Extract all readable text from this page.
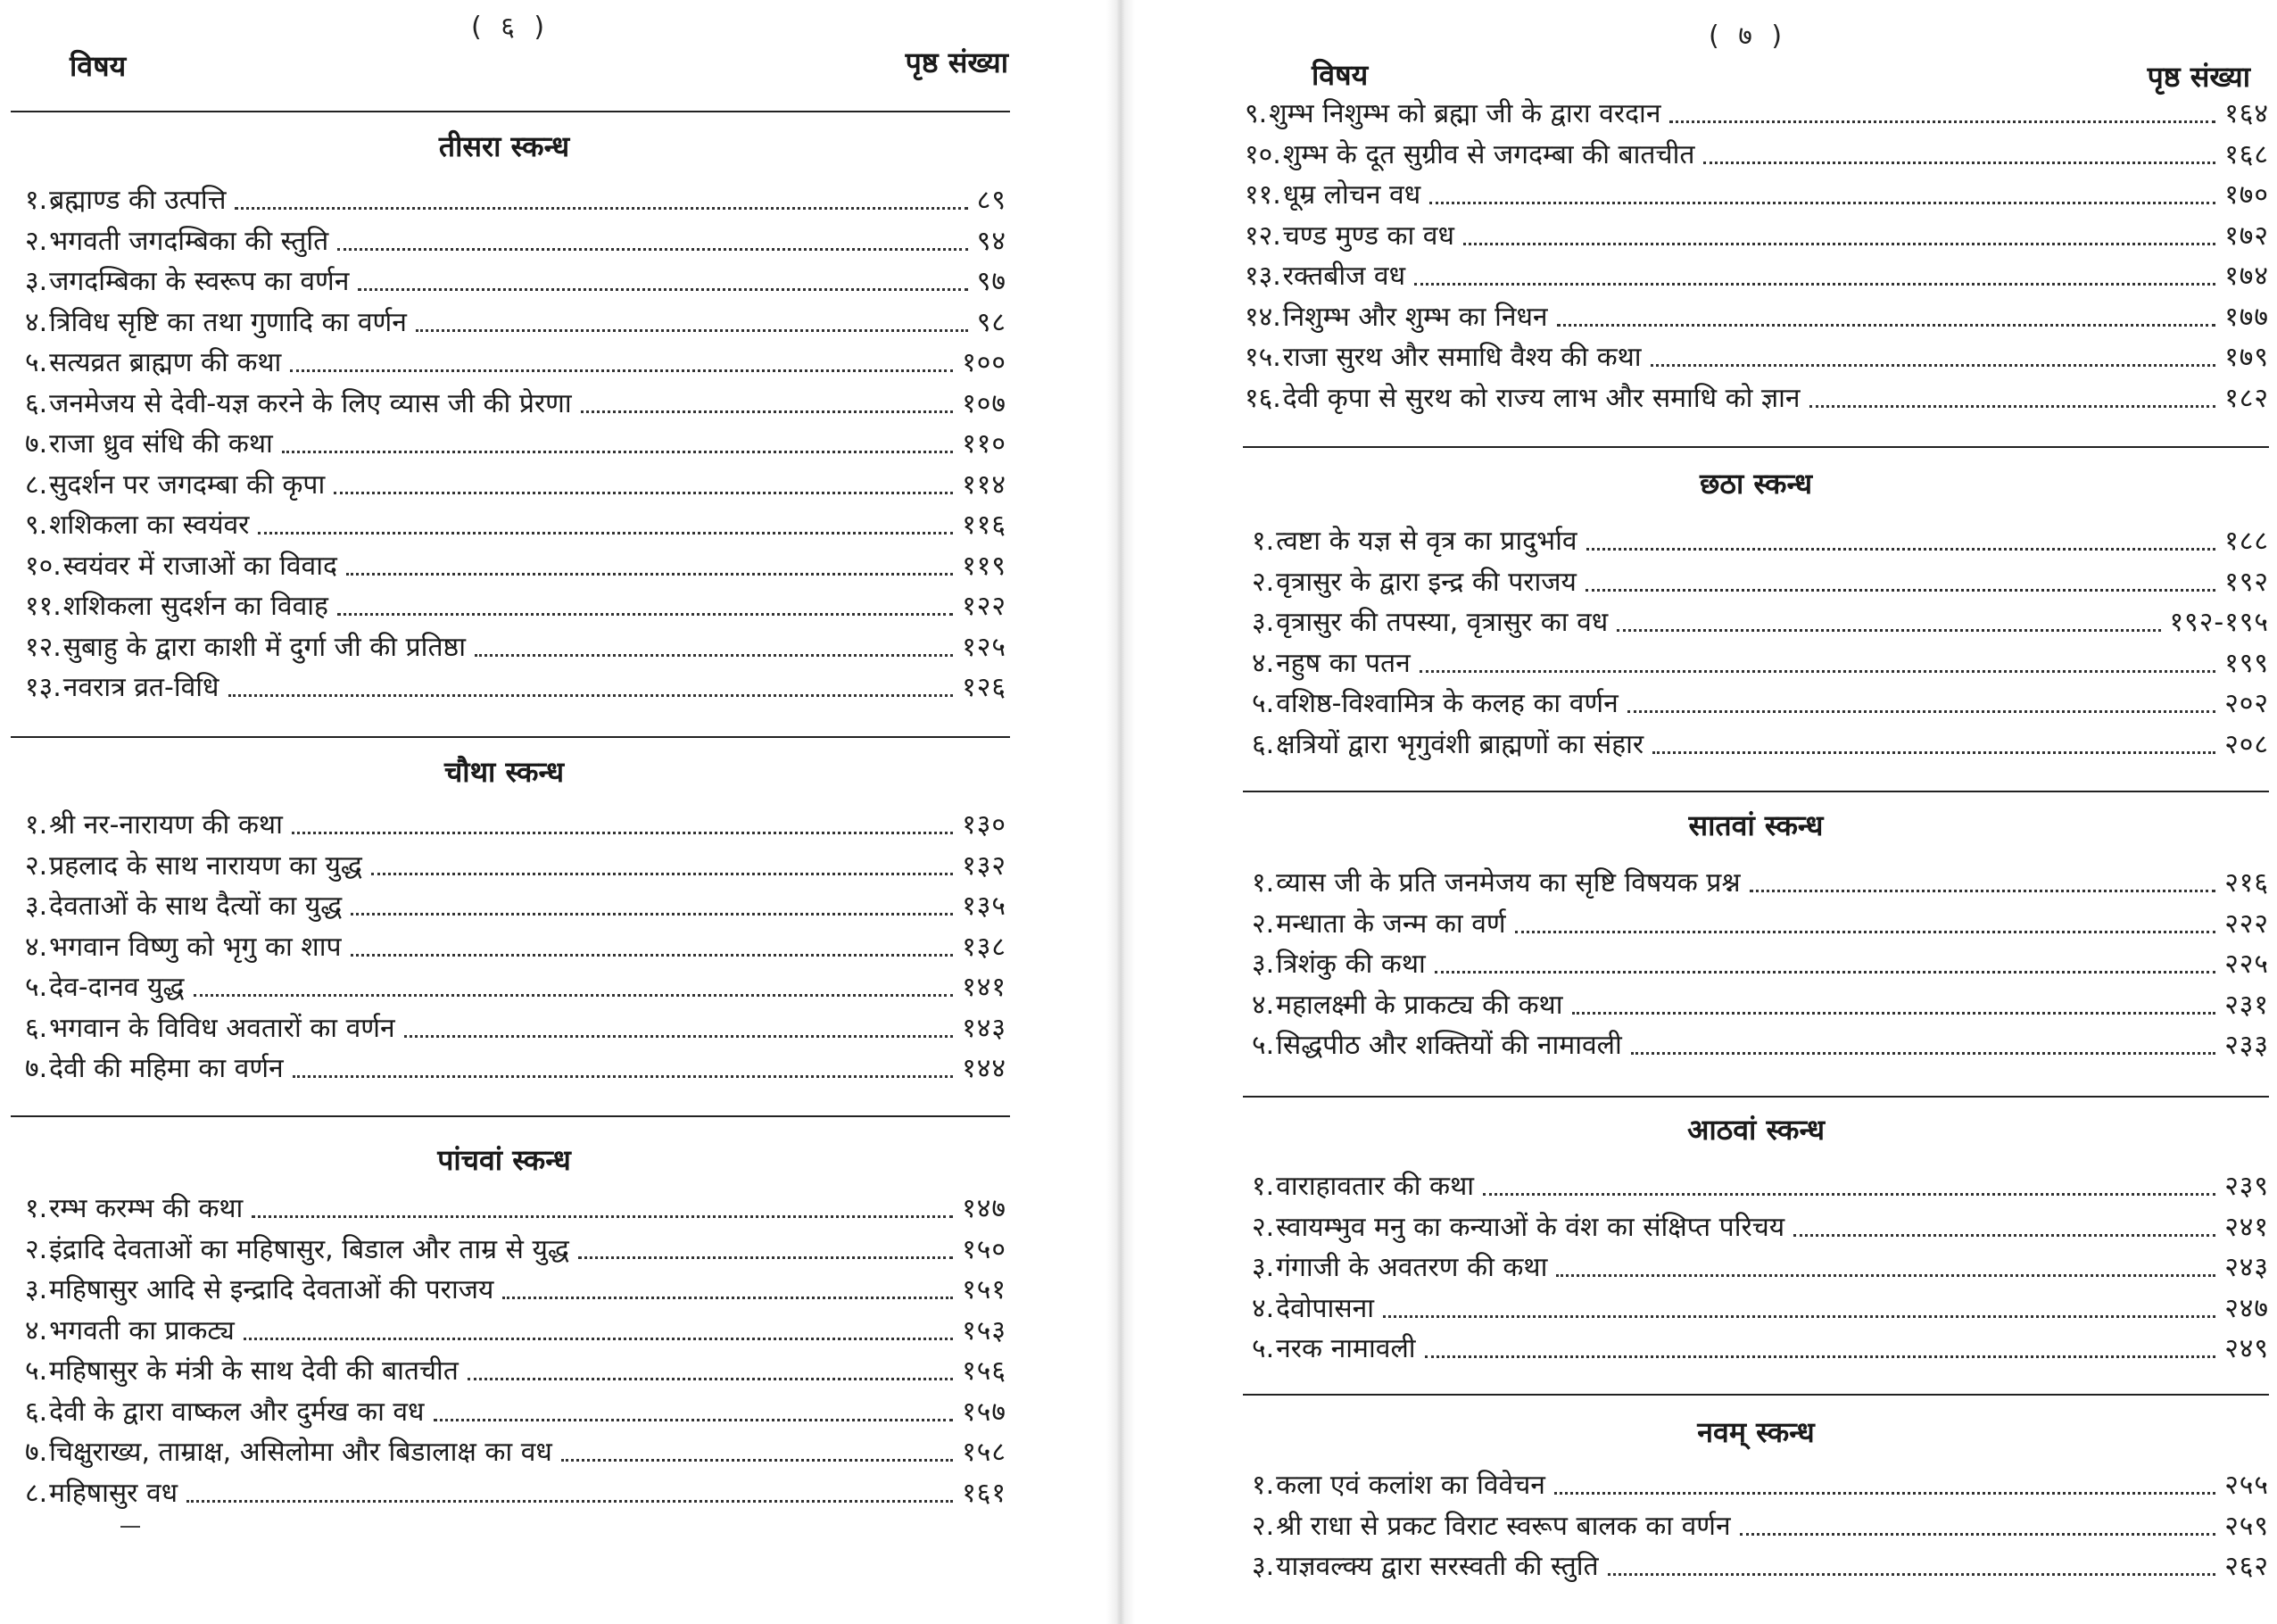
( ६ )
विषय	पृष्ठ संख्या
तीसरा स्कन्ध
१. ब्रह्माण्ड की उत्पत्ति	८९
२. भगवती जगदम्बिका की स्तुति	९४
३. जगदम्बिका के स्वरूप का वर्णन	९७
४. त्रिविध सृष्टि का तथा गुणादि का वर्णन	९८
५. सत्यव्रत ब्राह्मण की कथा	१००
६. जनमेजय से देवी-यज्ञ करने के लिए व्यास जी की प्रेरणा	१०७
७. राजा ध्रुव संधि की कथा	११०
८. सुदर्शन पर जगदम्बा की कृपा	११४
९. शशिकला का स्वयंवर	११६
१०. स्वयंवर में राजाओं का विवाद	११९
११. शशिकला सुदर्शन का विवाह	१२२
१२. सुबाहु के द्वारा काशी में दुर्गा जी की प्रतिष्ठा	१२५
१३. नवरात्र व्रत-विधि	१२६
चौथा स्कन्ध
१. श्री नर-नारायण की कथा	१३०
२. प्रहलाद के साथ नारायण का युद्ध	१३२
३. देवताओं के साथ दैत्यों का युद्ध	१३५
४. भगवान विष्णु को भृगु का शाप	१३८
५. देव-दानव युद्ध	१४१
६. भगवान के विविध अवतारों का वर्णन	१४३
७. देवी की महिमा का वर्णन	१४४
पांचवां स्कन्ध
१. रम्भ करम्भ की कथा	१४७
२. इंद्रादि देवताओं का महिषासुर, बिडाल और ताम्र से युद्ध	१५०
३. महिषासुर आदि से इन्द्रादि देवताओं की पराजय	१५१
४. भगवती का प्राकट्य	१५३
५. महिषासुर के मंत्री के साथ देवी की बातचीत	१५६
६. देवी के द्वारा वाष्कल और दुर्मख का वध	१५७
७. चिक्षुराख्य, ताम्राक्ष, असिलोमा और बिडालाक्ष का वध	१५८
८. महिषासुर वध	१६१
( ७ )
विषय	पृष्ठ संख्या
९. शुम्भ निशुम्भ को ब्रह्मा जी के द्वारा वरदान	१६४
१०. शुम्भ के दूत सुग्रीव से जगदम्बा की बातचीत	१६८
११. धूम्र लोचन वध	१७०
१२. चण्ड मुण्ड का वध	१७२
१३. रक्तबीज वध	१७४
१४. निशुम्भ और शुम्भ का निधन	१७७
१५. राजा सुरथ और समाधि वैश्य की कथा	१७९
१६. देवी कृपा से सुरथ को राज्य लाभ और समाधि को ज्ञान	१८२
छठा स्कन्ध
१. त्वष्टा के यज्ञ से वृत्र का प्रादुर्भाव	१८८
२. वृत्रासुर के द्वारा इन्द्र की पराजय	१९२
३. वृत्रासुर की तपस्या, वृत्रासुर का वध	१९२-१९५
४. नहुष का पतन	१९९
५. वशिष्ठ-विश्वामित्र के कलह का वर्णन	२०२
६. क्षत्रियों द्वारा भृगुवंशी ब्राह्मणों का संहार	२०८
सातवां स्कन्ध
१. व्यास जी के प्रति जनमेजय का सृष्टि विषयक प्रश्न	२१६
२. मन्धाता के जन्म का वर्ण	२२२
३. त्रिशंकु की कथा	२२५
४. महालक्ष्मी के प्राकट्य की कथा	२३१
५. सिद्धपीठ और शक्तियों की नामावली	२३३
आठवां स्कन्ध
१. वाराहावतार की कथा	२३९
२. स्वायम्भुव मनु का कन्याओं के वंश का संक्षिप्त परिचय	२४१
३. गंगाजी के अवतरण की कथा	२४३
४. देवोपासना	२४७
५. नरक नामावली	२४९
नवम् स्कन्ध
१. कला एवं कलांश का विवेचन	२५५
२. श्री राधा से प्रकट विराट स्वरूप बालक का वर्णन	२५९
३. याज्ञवल्क्य द्वारा सरस्वती की स्तुति	२६२
